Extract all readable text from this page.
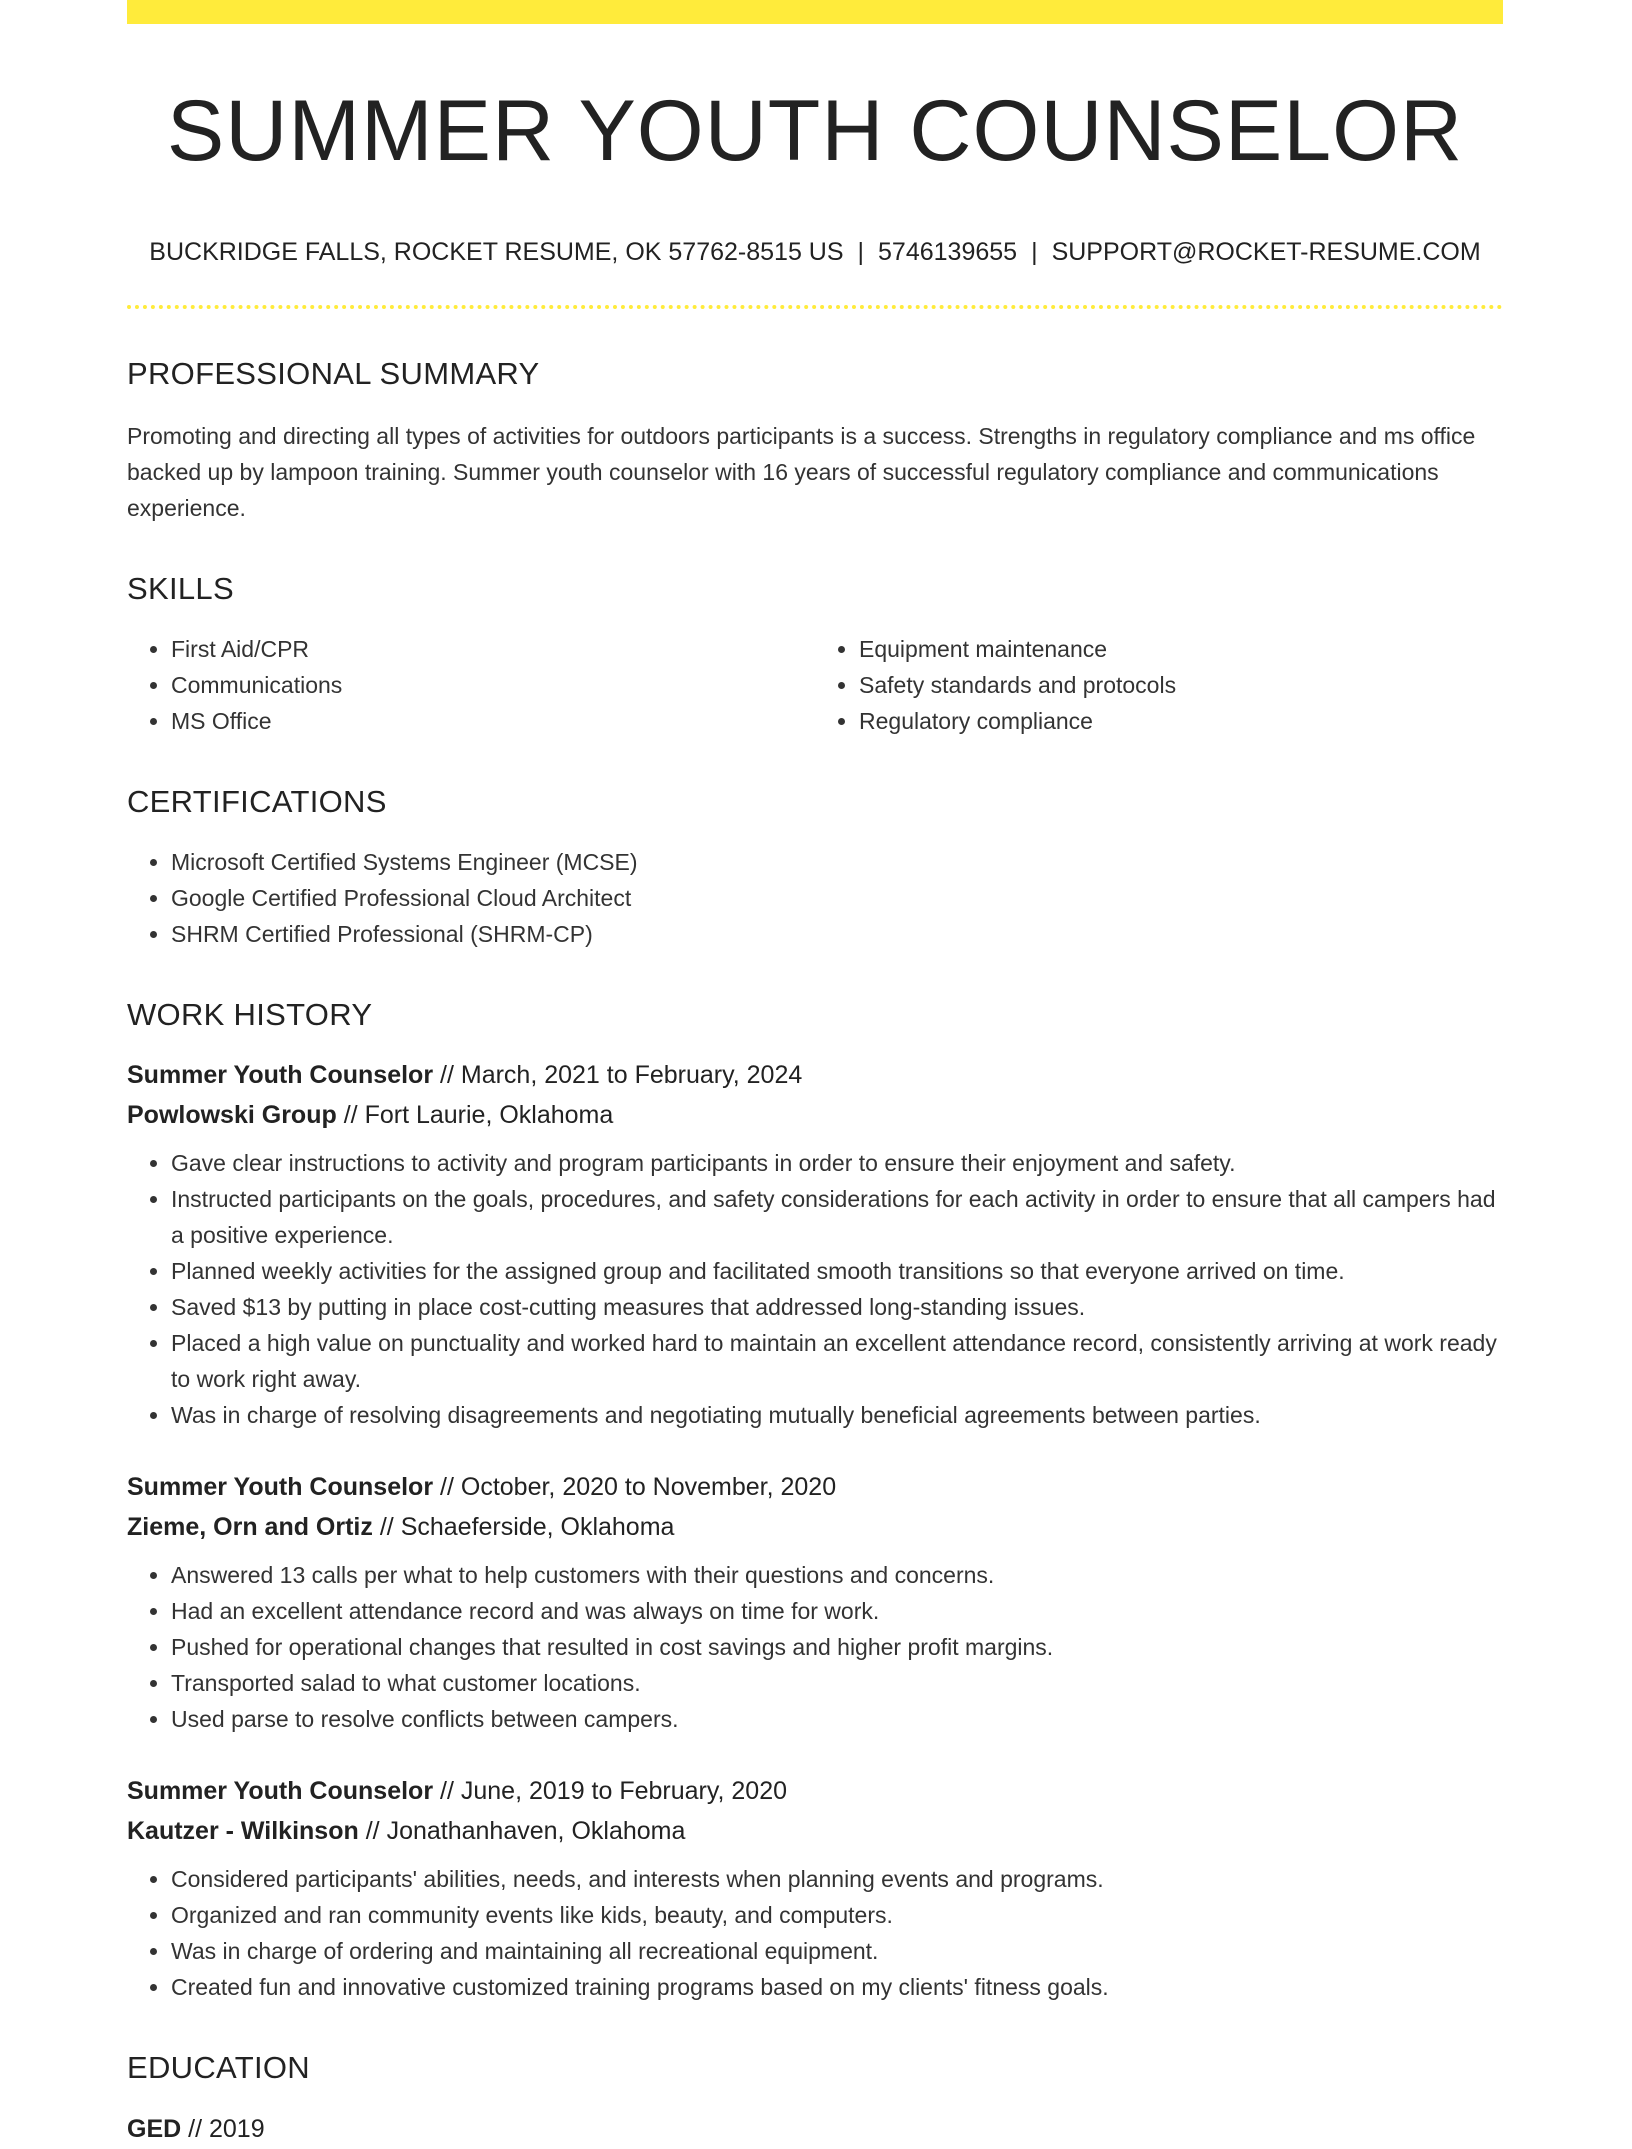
SUMMER YOUTH COUNSELOR
BUCKRIDGE FALLS, ROCKET RESUME, OK 57762-8515 US | 5746139655 | SUPPORT@ROCKET-RESUME.COM
PROFESSIONAL SUMMARY

Promoting and directing all types of activities for outdoors participants is a success. Strengths in regulatory compliance and ms office backed up by lampoon training. Summer youth counselor with 16 years of successful regulatory compliance and communications experience.

SKILLS
• First Aid/CPR
• Communications
• MS Office
• Equipment maintenance
• Safety standards and protocols
• Regulatory compliance
CERTIFICATIONS
• Microsoft Certified Systems Engineer (MCSE)
• Google Certified Professional Cloud Architect
• SHRM Certified Professional (SHRM-CP)
WORK HISTORY
Summer Youth Counselor // March, 2021 to February, 2024
Powlowski Group // Fort Laurie, Oklahoma
• Gave clear instructions to activity and program participants in order to ensure their enjoyment and safety.
• Instructed participants on the goals, procedures, and safety considerations for each activity in order to ensure that all campers had a positive experience.
• Planned weekly activities for the assigned group and facilitated smooth transitions so that everyone arrived on time.
• Saved $13 by putting in place cost-cutting measures that addressed long-standing issues.
• Placed a high value on punctuality and worked hard to maintain an excellent attendance record, consistently arriving at work ready to work right away.
• Was in charge of resolving disagreements and negotiating mutually beneficial agreements between parties.
Summer Youth Counselor // October, 2020 to November, 2020
Zieme, Orn and Ortiz // Schaeferside, Oklahoma
• Answered 13 calls per what to help customers with their questions and concerns.
• Had an excellent attendance record and was always on time for work.
• Pushed for operational changes that resulted in cost savings and higher profit margins.
• Transported salad to what customer locations.
• Used parse to resolve conflicts between campers.
Summer Youth Counselor // June, 2019 to February, 2020
Kautzer - Wilkinson // Jonathanhaven, Oklahoma
• Considered participants' abilities, needs, and interests when planning events and programs.
• Organized and ran community events like kids, beauty, and computers.
• Was in charge of ordering and maintaining all recreational equipment.
• Created fun and innovative customized training programs based on my clients' fitness goals.
EDUCATION
GED // 2019
